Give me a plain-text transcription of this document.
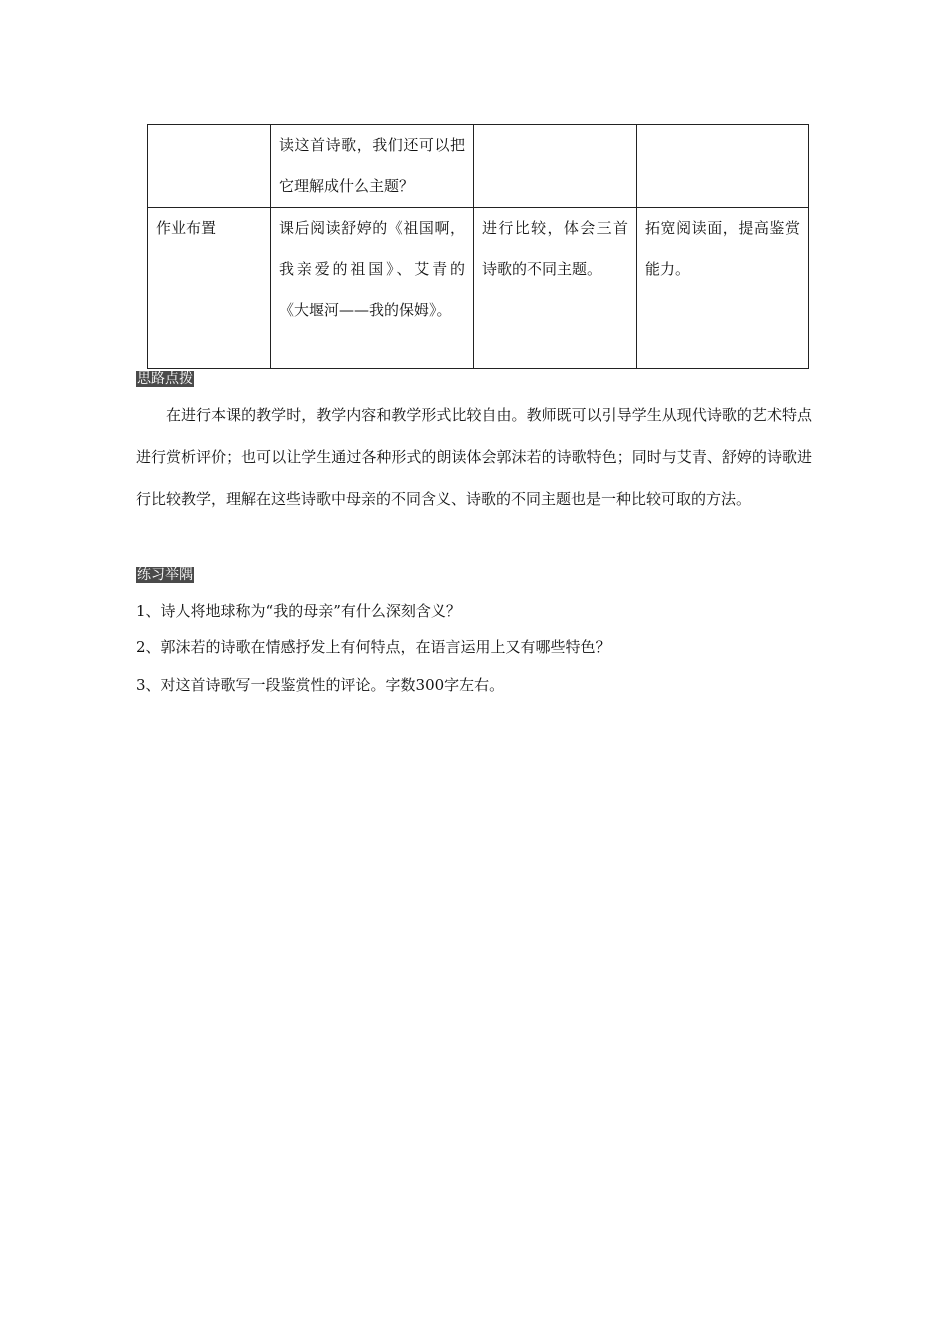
	读这首诗歌，我们还可以把它理解成什么主题？		
作业布置	课后阅读舒婷的《祖国啊，我亲爱的祖国》、艾青的《大堰河——我的保姆》。	进行比较，体会三首诗歌的不同主题。	拓宽阅读面，提高鉴赏能力。
思路点拨
在进行本课的教学时，教学内容和教学形式比较自由。教师既可以引导学生从现代诗歌的艺术特点进行赏析评价；也可以让学生通过各种形式的朗读体会郭沫若的诗歌特色；同时与艾青、舒婷的诗歌进行比较教学，理解在这些诗歌中母亲的不同含义、诗歌的不同主题也是一种比较可取的方法。
练习举隅
1、诗人将地球称为“我的母亲”有什么深刻含义？
2、郭沫若的诗歌在情感抒发上有何特点，在语言运用上又有哪些特色？
3、对这首诗歌写一段鉴赏性的评论。字数300字左右。
